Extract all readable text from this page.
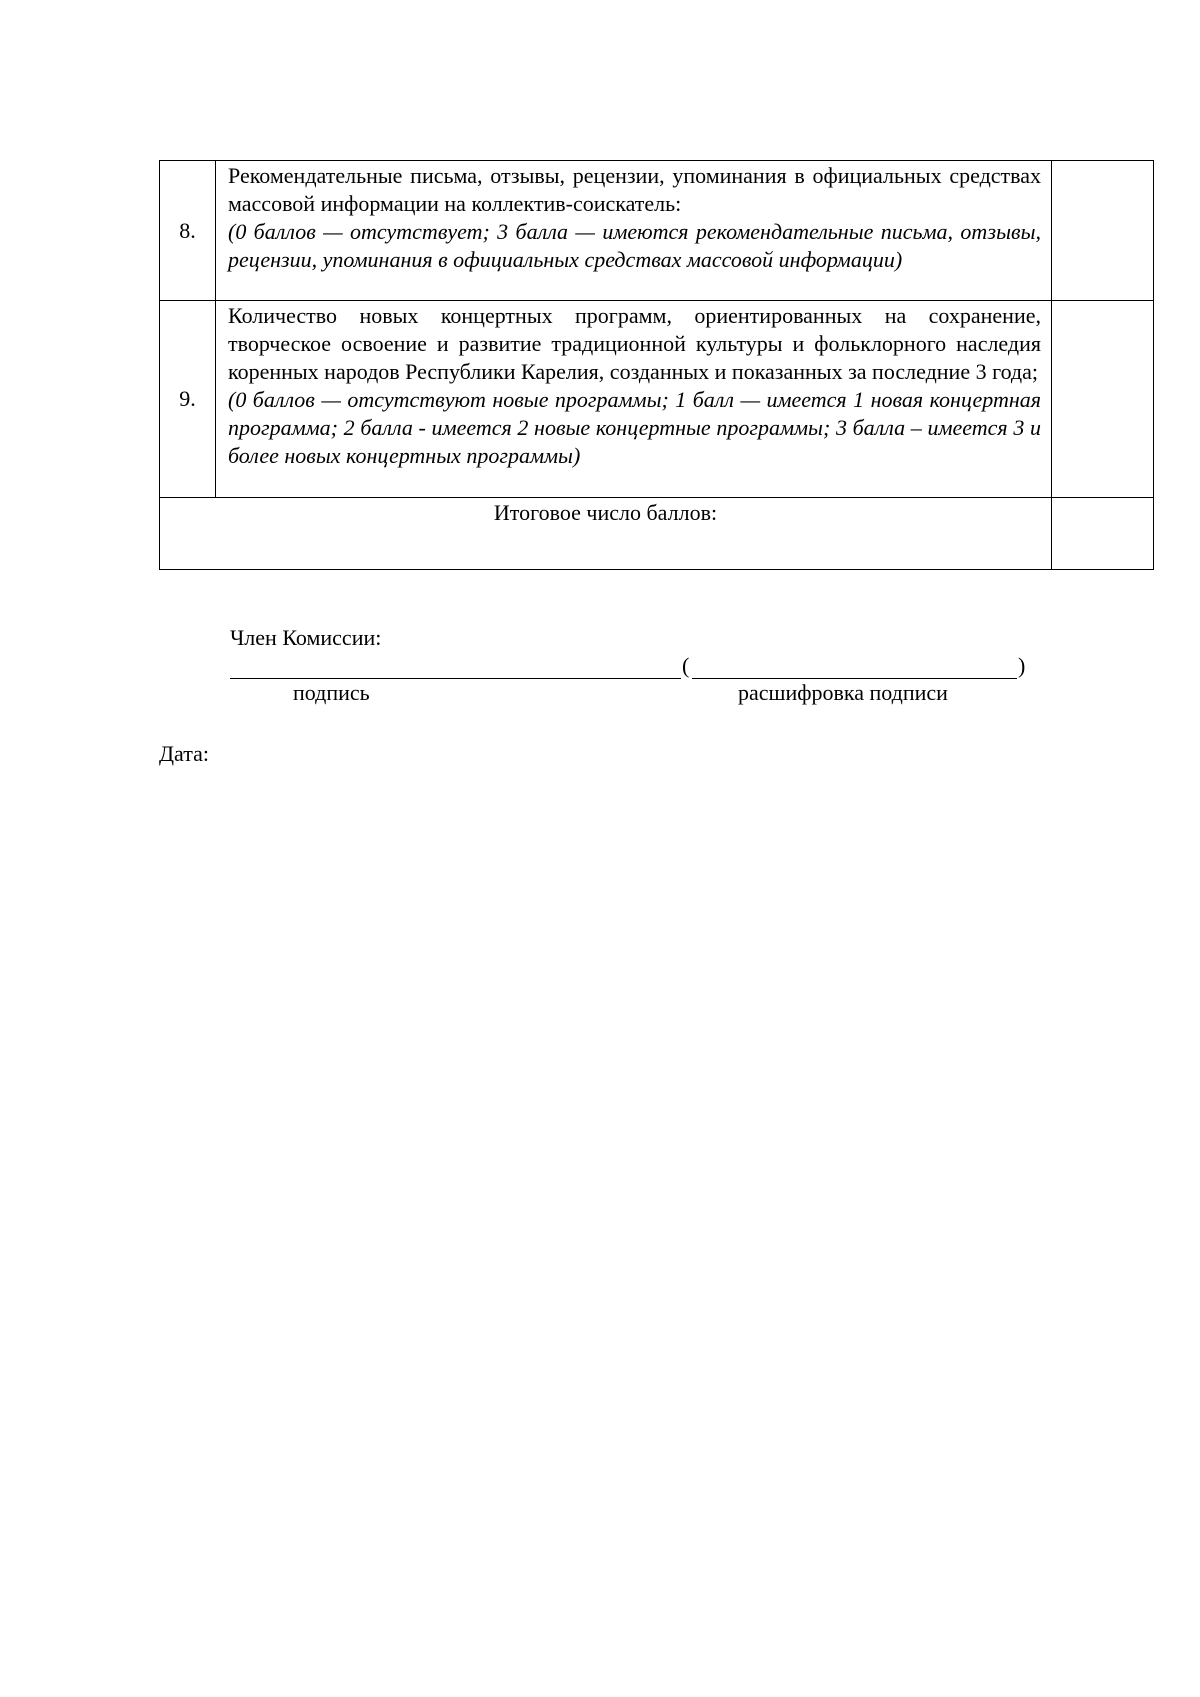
8.	Рекомендательные письма, отзывы, рецензии, упоминания в официальных средствах массовой информации на коллектив-соискатель:
(0 баллов — отсутствует; 3 балла — имеются рекомендательные письма, отзывы, рецензии, упоминания в официальных средствах массовой информации)	

9.	Количество новых концертных программ, ориентированных на сохранение, творческое освоение и развитие традиционной культуры и фольклорного наследия коренных народов Республики Карелия, созданных и показанных за последние 3 года;
(0 баллов — отсутствуют новые программы; 1 балл — имеется 1 новая концертная программа; 2 балла - имеется 2 новые концертные программы; 3 балла – имеется 3 и более новых концертных программы)	

Итоговое число баллов:		
Член Комиссии:
(	)
подпись	расшифровка подписи
Дата:
